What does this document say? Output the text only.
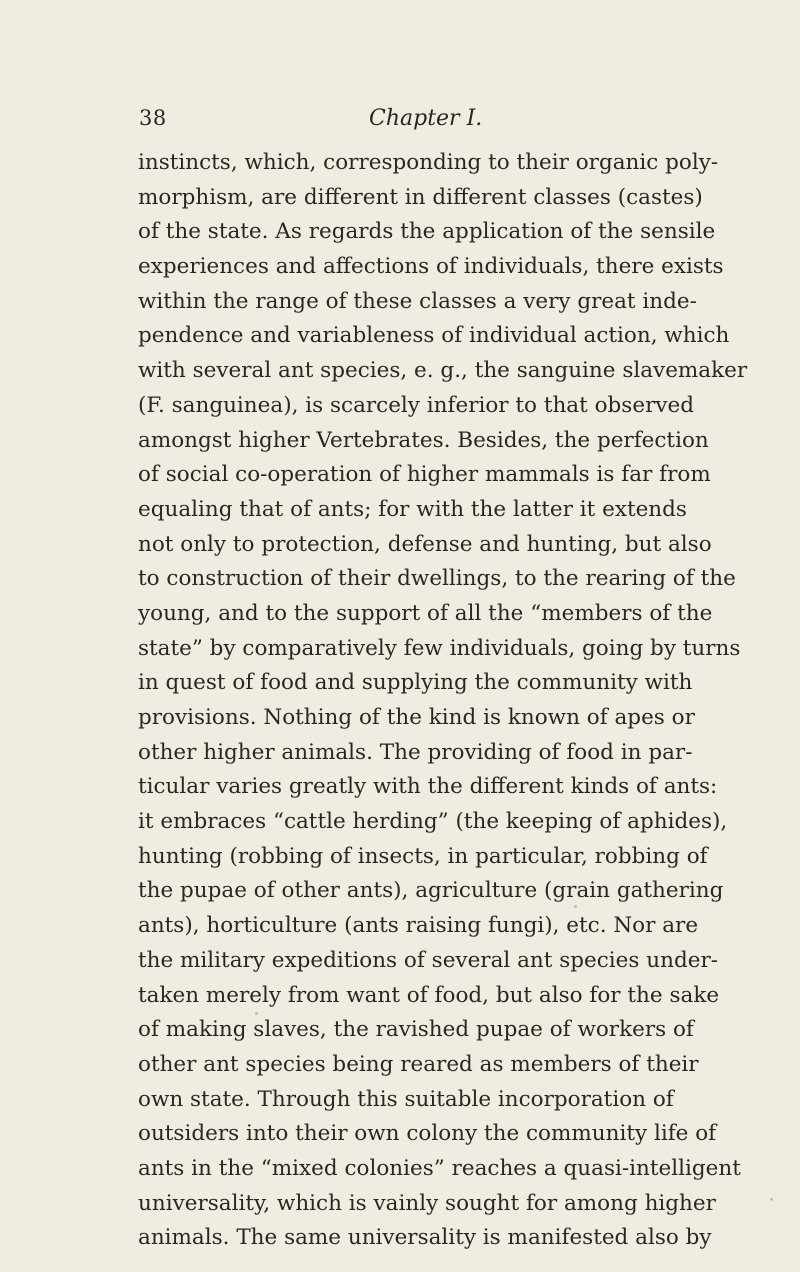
38	Chapter I.
instincts, which, corresponding to their organic poly-
morphism, are different in different classes (castes)
of the state. As regards the application of the sensile
experiences and affections of individuals, there exists
within the range of these classes a very great inde-
pendence and variableness of individual action, which
with several ant species, e. g., the sanguine slavemaker
(F. sanguinea), is scarcely inferior to that observed
amongst higher Vertebrates. Besides, the perfection
of social co-operation of higher mammals is far from
equaling that of ants; for with the latter it extends
not only to protection, defense and hunting, but also
to construction of their dwellings, to the rearing of the
young, and to the support of all the “members of the
state” by comparatively few individuals, going by turns
in quest of food and supplying the community with
provisions. Nothing of the kind is known of apes or
other higher animals. The providing of food in par-
ticular varies greatly with the different kinds of ants:
it embraces “cattle herding” (the keeping of aphides),
hunting (robbing of insects, in particular, robbing of
the pupae of other ants), agriculture (grain gathering
ants), horticulture (ants raising fungi), etc. Nor are
the military expeditions of several ant species under-
taken merely from want of food, but also for the sake
of making slaves, the ravished pupae of workers of
other ant species being reared as members of their
own state. Through this suitable incorporation of
outsiders into their own colony the community life of
ants in the “mixed colonies” reaches a quasi-intelligent
universality, which is vainly sought for among higher
animals. The same universality is manifested also by
